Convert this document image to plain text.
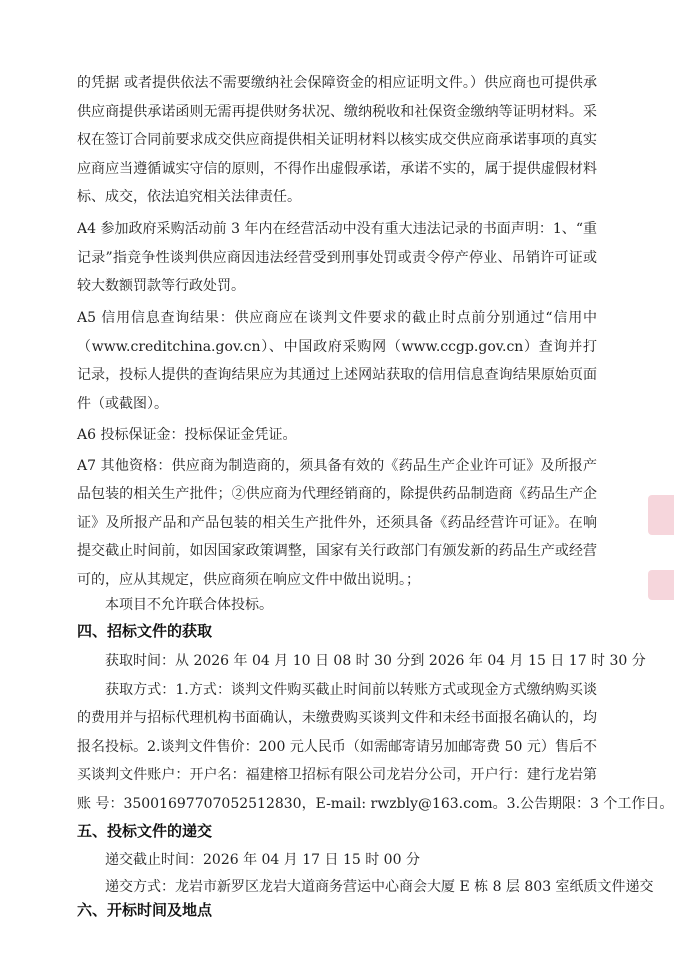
的凭据 或者提供依法不需要缴纳社会保障资金的相应证明文件。）供应商也可提供承
供应商提供承诺函则无需再提供财务状况、缴纳税收和社保资金缴纳等证明材料。采
权在签订合同前要求成交供应商提供相关证明材料以核实成交供应商承诺事项的真实
应商应当遵循诚实守信的原则，不得作出虚假承诺，承诺不实的，属于提供虚假材料
标、成交，依法追究相关法律责任。
A4 参加政府采购活动前 3 年内在经营活动中没有重大违法记录的书面声明：1、“重
记录”指竞争性谈判供应商因违法经营受到刑事处罚或责令停产停业、吊销许可证或
较大数额罚款等行政处罚。
A5 信用信息查询结果：供应商应在谈判文件要求的截止时点前分别通过“信用中
（www.creditchina.gov.cn）、中国政府采购网（www.ccgp.gov.cn）查询并打
记录，投标人提供的查询结果应为其通过上述网站获取的信用信息查询结果原始页面
件（或截图）。
A6 投标保证金：投标保证金凭证。
A7 其他资格：供应商为制造商的，须具备有效的《药品生产企业许可证》及所报产
品包装的相关生产批件；②供应商为代理经销商的，除提供药品制造商《药品生产企
证》及所报产品和产品包装的相关生产批件外，还须具备《药品经营许可证》。在响
提交截止时间前，如因国家政策调整，国家有关行政部门有颁发新的药品生产或经营
可的，应从其规定，供应商须在响应文件中做出说明。；
本项目不允许联合体投标。
四、招标文件的获取
获取时间：从 2026 年 04 月 10 日 08 时 30 分到 2026 年 04 月 15 日 17 时 30 分
获取方式：1.方式：谈判文件购买截止时间前以转账方式或现金方式缴纳购买谈
的费用并与招标代理机构书面确认，未缴费购买谈判文件和未经书面报名确认的，均
报名投标。2.谈判文件售价：200 元人民币（如需邮寄请另加邮寄费 50 元）售后不
买谈判文件账户：开户名：福建榕卫招标有限公司龙岩分公司，开户行：建行龙岩第
账 号：35001697707052512830，E-mail: rwzbly@163.com。3.公告期限：3 个工作日。
五、投标文件的递交
递交截止时间：2026 年 04 月 17 日 15 时 00 分
递交方式：龙岩市新罗区龙岩大道商务营运中心商会大厦 E 栋 8 层 803 室纸质文件递交
六、开标时间及地点
